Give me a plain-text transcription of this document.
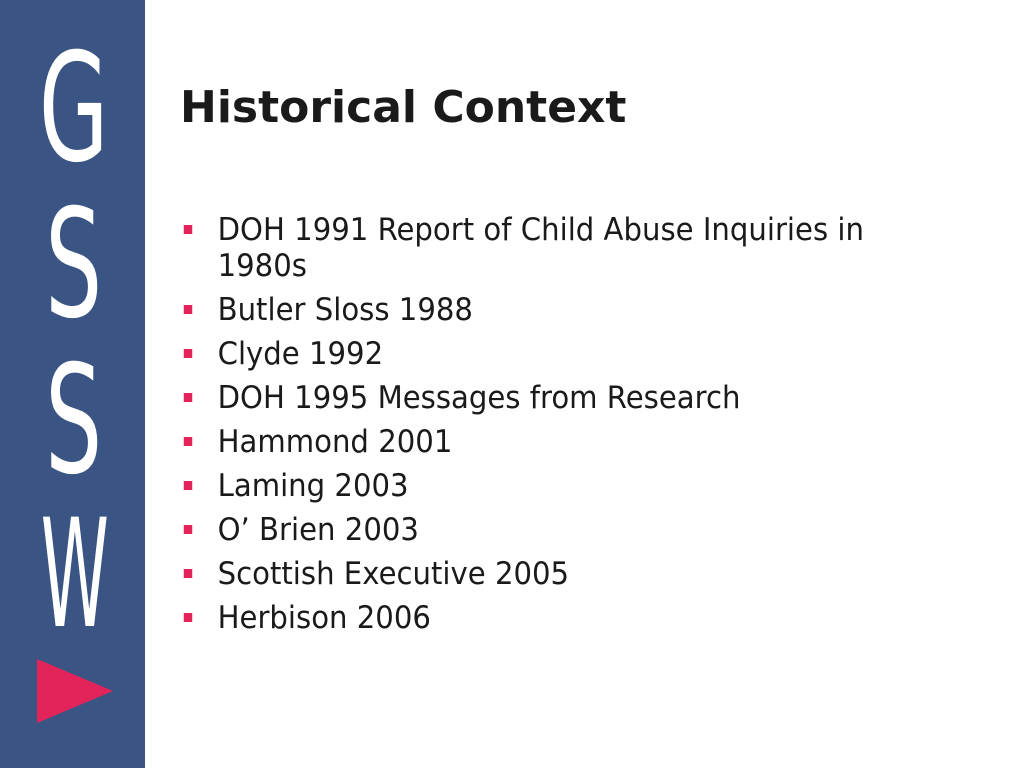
G
S
S
W
Historical Context
DOH 1991 Report of Child Abuse Inquiries in 1980s
Butler Sloss 1988
Clyde 1992
DOH 1995 Messages from Research
Hammond 2001
Laming 2003
O’ Brien 2003
Scottish Executive 2005
Herbison 2006
